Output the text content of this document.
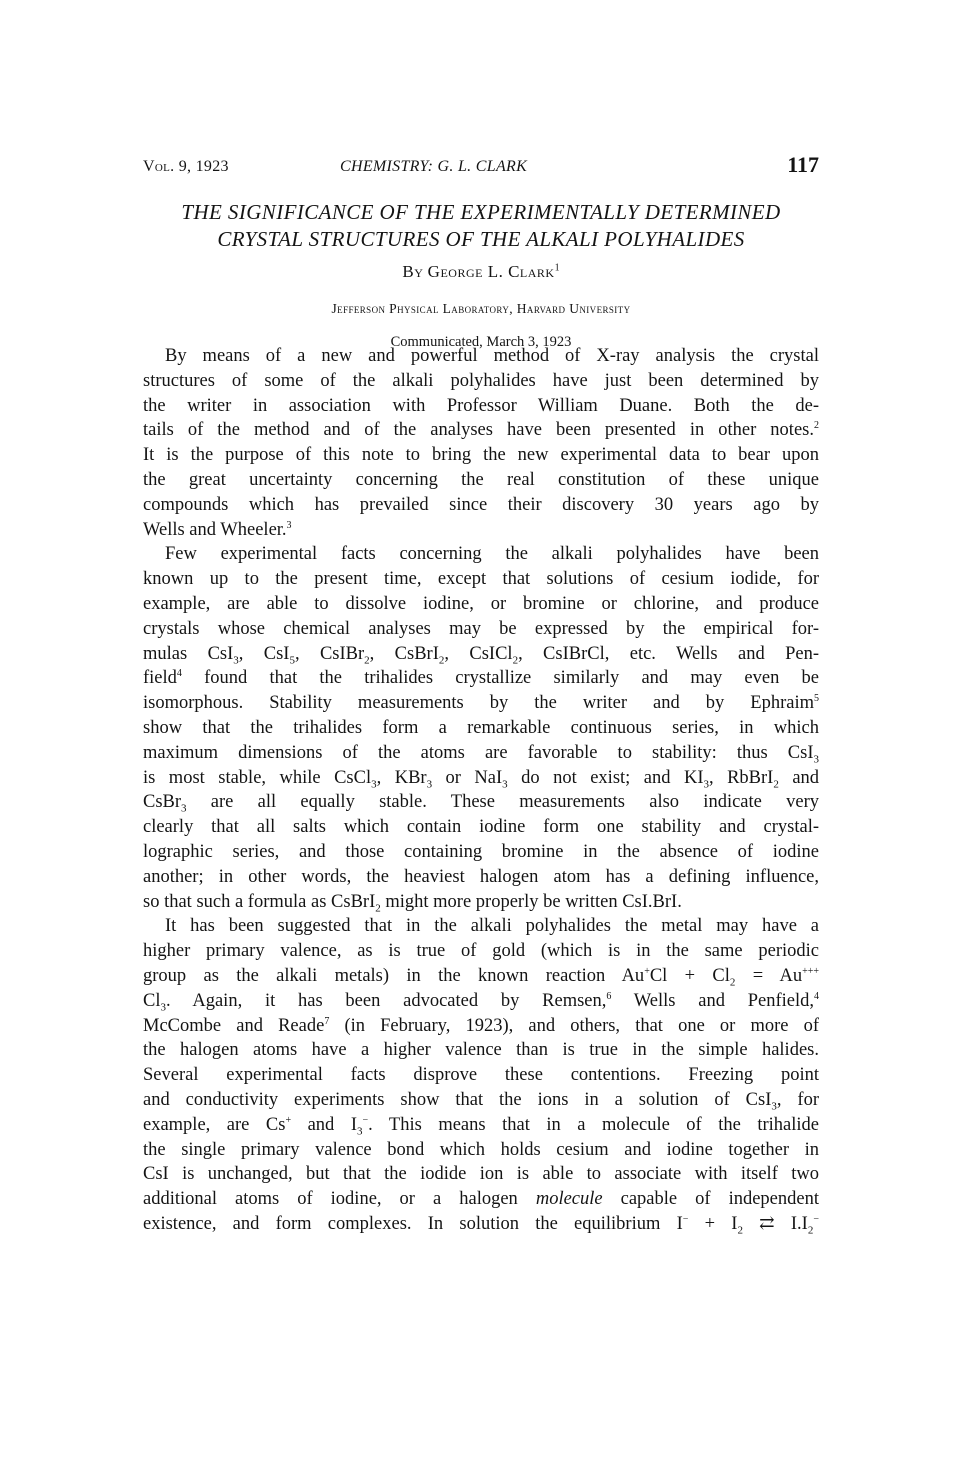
Vol. 9, 1923	CHEMISTRY: G. L. CLARK	117
THE SIGNIFICANCE OF THE EXPERIMENTALLY DETERMINED
CRYSTAL STRUCTURES OF THE ALKALI POLYHALIDES
By George L. Clark$^1$
Jefferson Physical Laboratory, Harvard University
Communicated, March 3, 1923
By means of a new and powerful method of X-ray analysis the crystal
structures of some of the alkali polyhalides have just been determined by
the writer in association with Professor William Duane. Both the de-
tails of the method and of the analyses have been presented in other notes.$^2$
It is the purpose of this note to bring the new experimental data to bear upon
the great uncertainty concerning the real constitution of these unique
compounds which has prevailed since their discovery 30 years ago by
Wells and Wheeler.$^3$
Few experimental facts concerning the alkali polyhalides have been
known up to the present time, except that solutions of cesium iodide, for
example, are able to dissolve iodine, or bromine or chlorine, and produce
crystals whose chemical analyses may be expressed by the empirical for-
mulas CsI$_3$, CsI$_5$, CsIBr$_2$, CsBrI$_2$, CsICl$_2$, CsIBrCl, etc. Wells and Pen-
field$^4$ found that the trihalides crystallize similarly and may even be
isomorphous. Stability measurements by the writer and by Ephraim$^5$
show that the trihalides form a remarkable continuous series, in which
maximum dimensions of the atoms are favorable to stability: thus CsI$_3$
is most stable, while CsCl$_3$, KBr$_3$ or NaI$_3$ do not exist; and $KI_3$, RbBrI$_2$ and
CsBr$_3$ are all equally stable. These measurements also indicate very
clearly that all salts which contain iodine form one stability and crystal-
lographic series, and those containing bromine in the absence of iodine
another; in other words, the heaviest halogen atom has a defining influence,
so that such a formula as CsBrI$_2$ might more properly be written CsI.BrI.
It has been suggested that in the alkali polyhalides the metal may have a
higher primary valence, as is true of gold (which is in the same periodic
group as the alkali metals) in the known reaction $Au^+Cl + Cl_2 = Au^{+++}$
$Cl_3$. Again, it has been advocated by Remsen,$^6$ Wells and Penfield,$^4$
McCombe and Reade$^7$ (in February, 1923), and others, that one or more of
the halogen atoms have a higher valence than is true in the simple halides.
Several experimental facts disprove these contentions. Freezing point
and conductivity experiments show that the ions in a solution of CsI$_3$, for
example, are Cs+ and $I_3^-$. This means that in a molecule of the trihalide
the single primary valence bond which holds cesium and iodine together in
CsI is unchanged, but that the iodide ion is able to associate with itself two
additional atoms of iodine, or a halogen molecule capable of independent
existence, and form complexes. In solution the equilibrium $I^- + I_2$ ⇄ $I.I_2^-$
